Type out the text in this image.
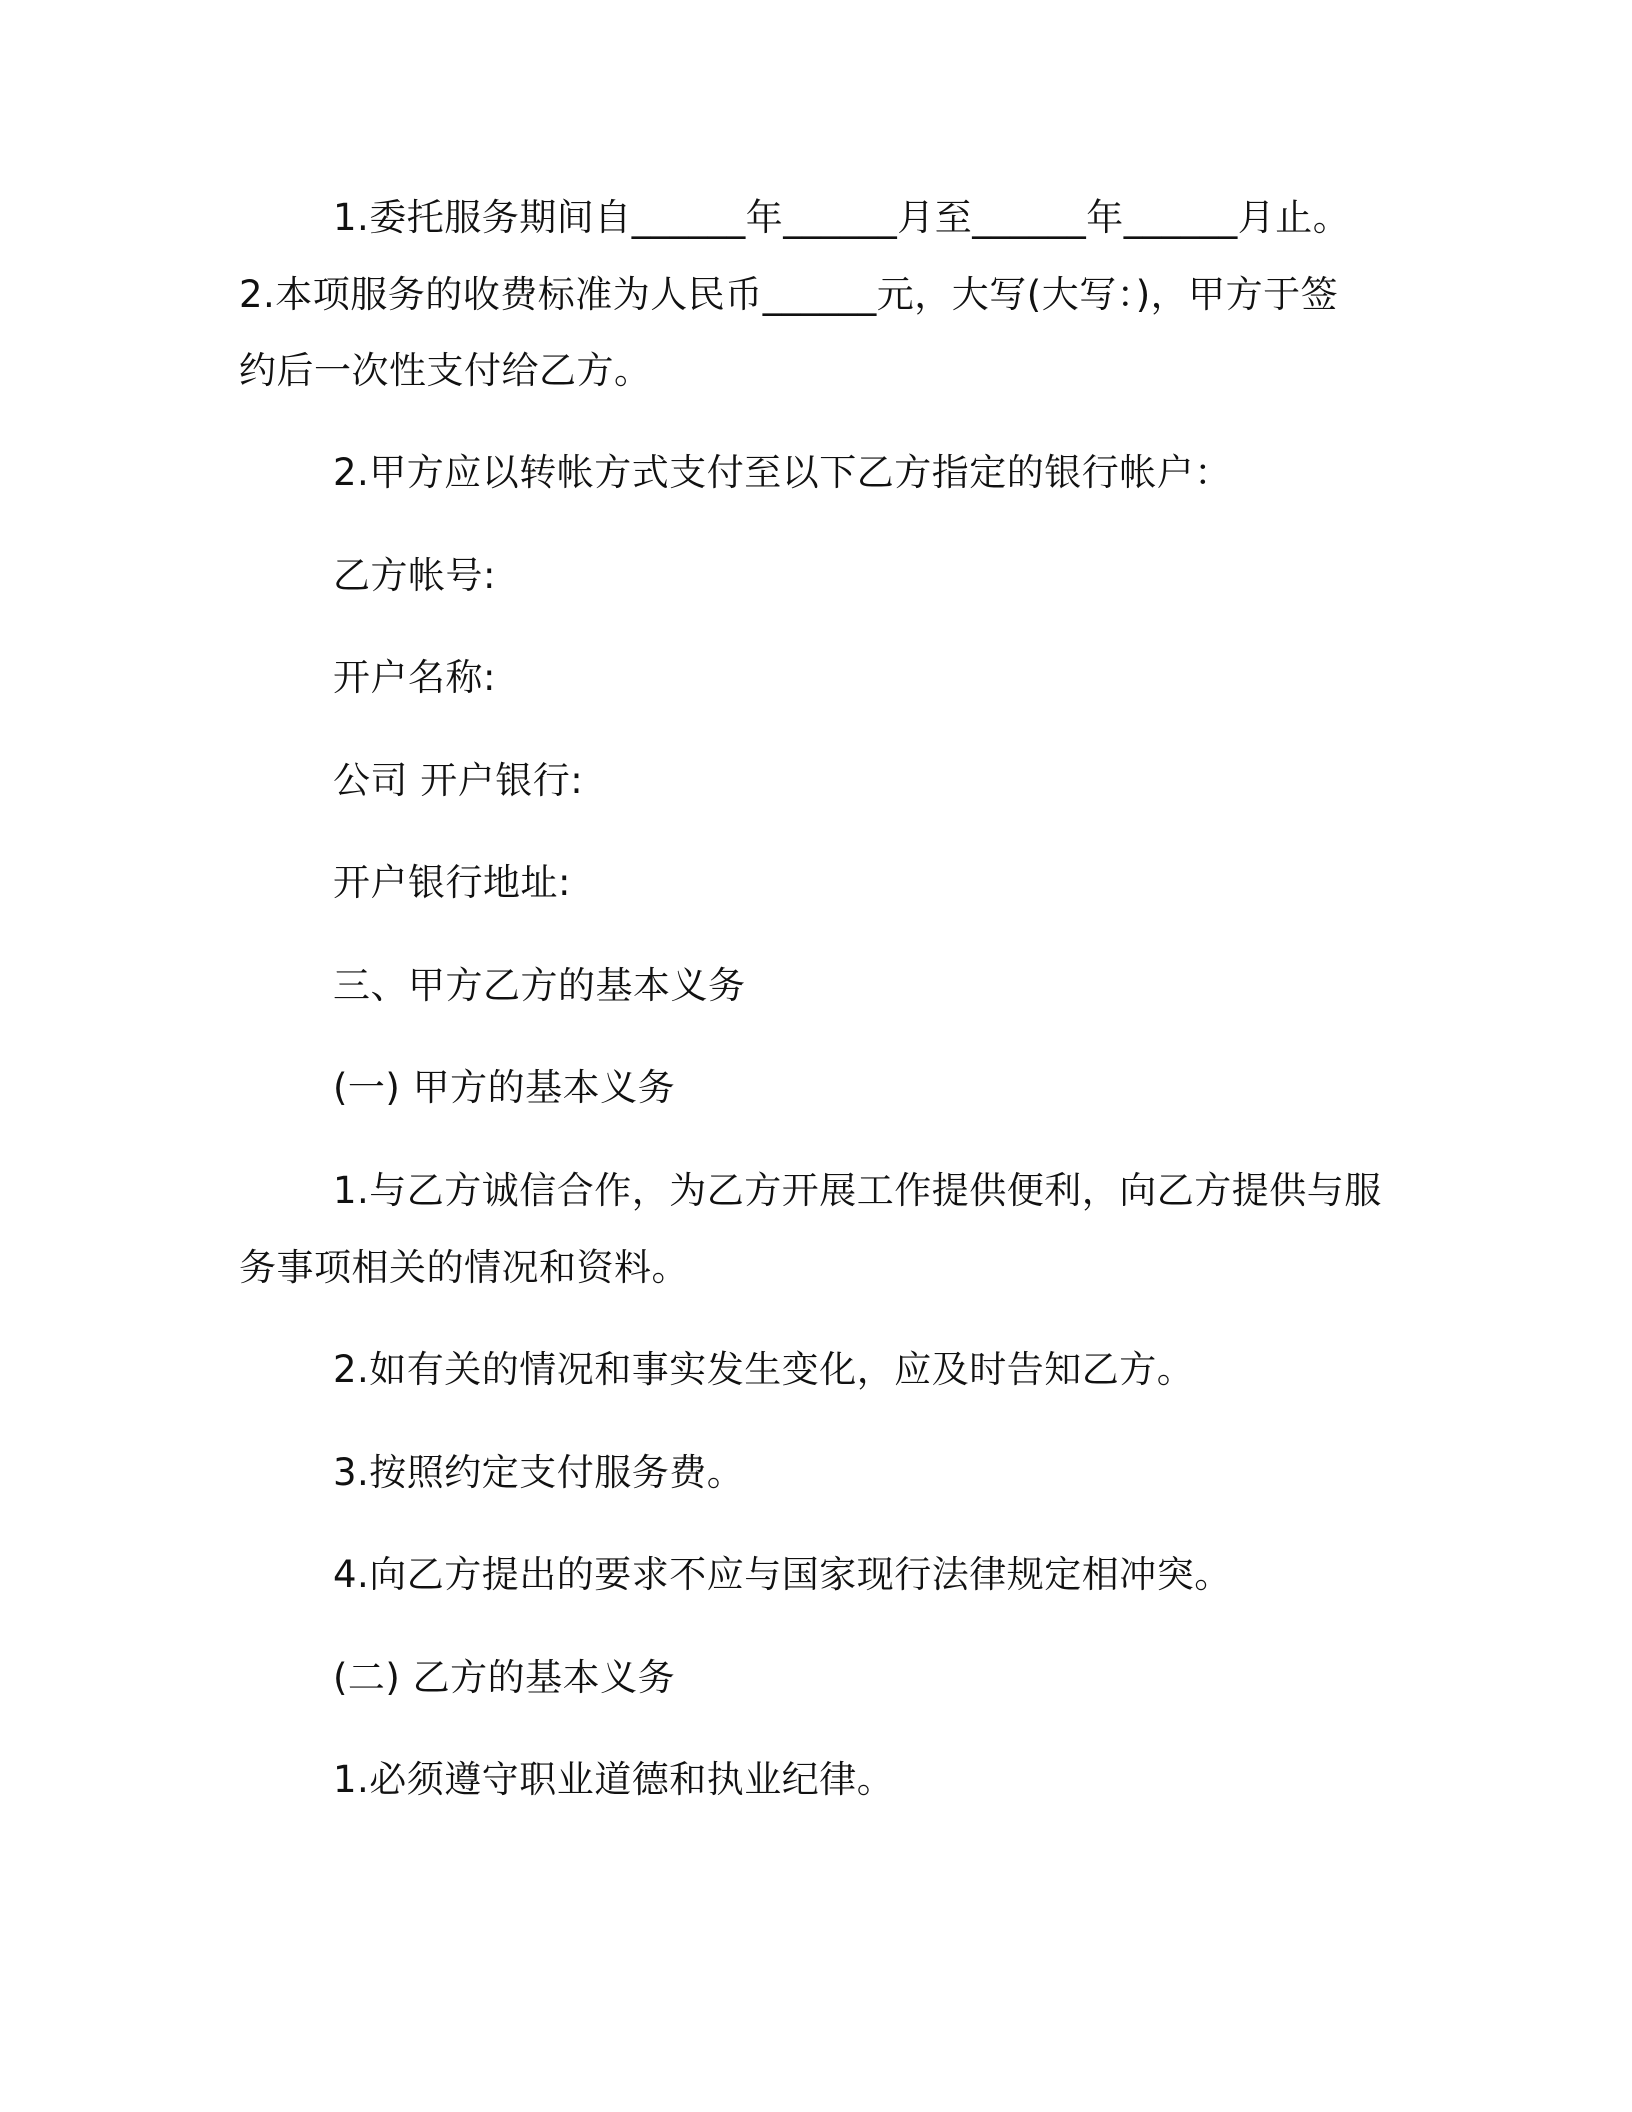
1.委托服务期间自______年______月至______年______月止。
2.本项服务的收费标准为人民币______元，大写(大写：)，甲方于签
约后一次性支付给乙方。
2.甲方应以转帐方式支付至以下乙方指定的银行帐户：
乙方帐号:
开户名称:
公司 开户银行:
开户银行地址:
三、甲方乙方的基本义务
(一) 甲方的基本义务
1.与乙方诚信合作，为乙方开展工作提供便利，向乙方提供与服
务事项相关的情况和资料。
2.如有关的情况和事实发生变化，应及时告知乙方。
3.按照约定支付服务费。
4.向乙方提出的要求不应与国家现行法律规定相冲突。
(二) 乙方的基本义务
1.必须遵守职业道德和执业纪律。
